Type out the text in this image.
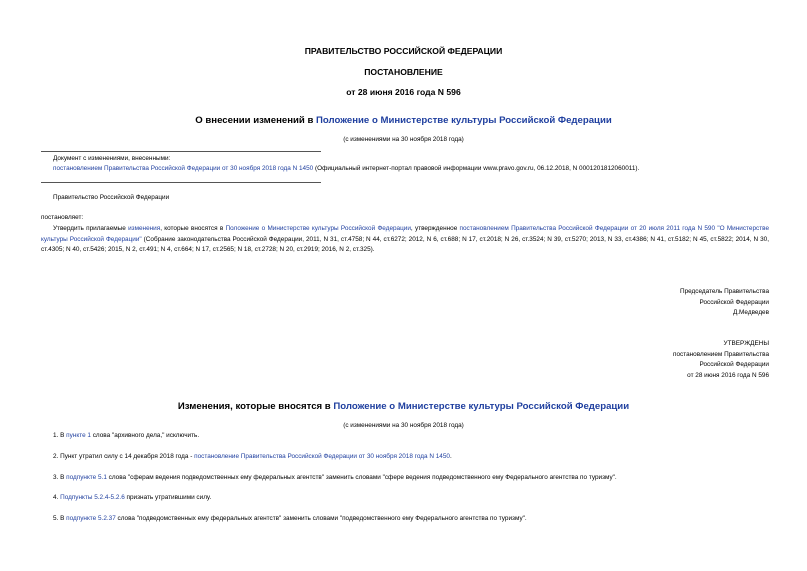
ПРАВИТЕЛЬСТВО РОССИЙСКОЙ ФЕДЕРАЦИИ
ПОСТАНОВЛЕНИЕ
от 28 июня 2016 года N 596
О внесении изменений в Положение о Министерстве культуры Российской Федерации
(с изменениями на 30 ноября 2018 года)
Документ с изменениями, внесенными:
постановлением Правительства Российской Федерации от 30 ноября 2018 года N 1450 (Официальный интернет-портал правовой информации www.pravo.gov.ru, 06.12.2018, N 0001201812060011).
Правительство Российской Федерации
постановляет:
Утвердить прилагаемые изменения, которые вносятся в Положение о Министерстве культуры Российской Федерации, утвержденное постановлением Правительства Российской Федерации от 20 июля 2011 года N 590 "О Министерстве культуры Российской Федерации" (Собрание законодательства Российской Федерации, 2011, N 31, ст.4758; N 44, ст.6272; 2012, N 6, ст.688; N 17, ст.2018; N 26, ст.3524; N 39, ст.5270; 2013, N 33, ст.4386; N 41, ст.5182; N 45, ст.5822; 2014, N 30, ст.4305; N 40, ст.5426; 2015, N 2, ст.491; N 4, ст.664; N 17, ст.2565; N 18, ст.2728; N 20, ст.2919; 2016, N 2, ст.325).
Председатель Правительства
Российской Федерации
Д.Медведев
УТВЕРЖДЕНЫ
постановлением Правительства
Российской Федерации
от 28 июня 2016 года N 596
Изменения, которые вносятся в Положение о Министерстве культуры Российской Федерации
(с изменениями на 30 ноября 2018 года)
1. В пункте 1 слова "архивного дела," исключить.
2. Пункт утратил силу с 14 декабря 2018 года - постановление Правительства Российской Федерации от 30 ноября 2018 года N 1450.
3. В подпункте 5.1 слова "сферам ведения подведомственных ему федеральных агентств" заменить словами "сфере ведения подведомственного ему Федерального агентства по туризму".
4. Подпункты 5.2.4-5.2.6 признать утратившими силу.
5. В подпункте 5.2.37 слова "подведомственных ему федеральных агентств" заменить словами "подведомственного ему Федерального агентства по туризму".
